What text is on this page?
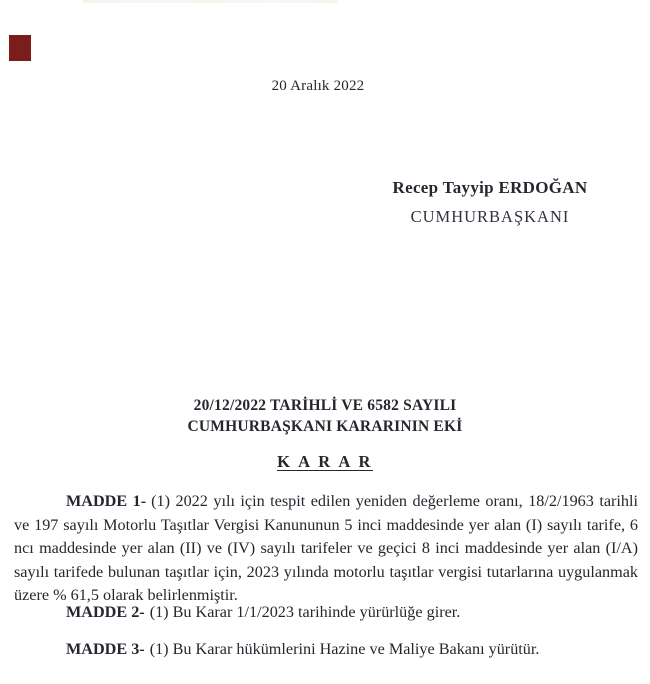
20 Aralık 2022
Recep Tayyip ERDOĞAN
CUMHURBAŞKANI
20/12/2022 TARİHLİ VE 6582 SAYILI
CUMHURBAŞKANI KARARININ EKİ
K A R A R

MADDE 1- (1) 2022 yılı için tespit edilen yeniden değerleme oranı, 18/2/1963 tarihli ve 197 sayılı Motorlu Taşıtlar Vergisi Kanununun 5 inci maddesinde yer alan (I) sayılı tarife, 6 ncı maddesinde yer alan (II) ve (IV) sayılı tarifeler ve geçici 8 inci maddesinde yer alan (I/A) sayılı tarifede bulunan taşıtlar için, 2023 yılında motorlu taşıtlar vergisi tutarlarına uygulanmak üzere % 61,5 olarak belirlenmiştir.

MADDE 2- (1) Bu Karar 1/1/2023 tarihinde yürürlüğe girer.

MADDE 3- (1) Bu Karar hükümlerini Hazine ve Maliye Bakanı yürütür.
